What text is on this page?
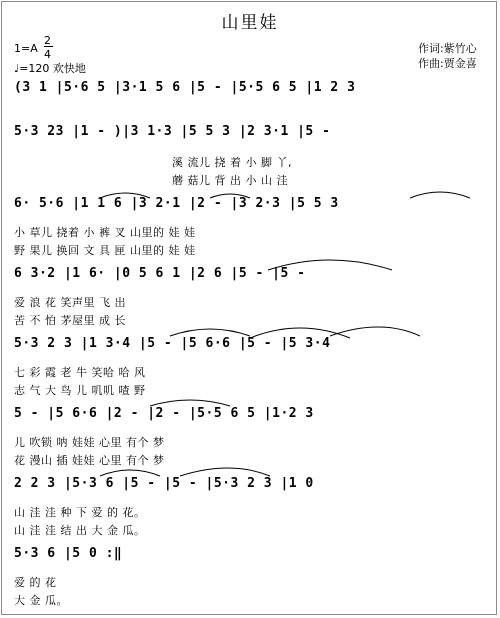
山里娃
1=A
2
4
♩=120 欢快地
作词:紫竹心
作曲:贾金喜
(3 1 |5·6 5 |3·1 5 6 |5 - |5·5 6 5 |1 2 3
5·3 23 |1 - )|3 1·3 |5 5 3 |2 3·1 |5 -
溪 流儿 挠 着 小 脚 丫,
蘑 菇儿 背 出 小 山 洼
6· 5·6 |1 1 6 |3 2·1 |2 - |3 2·3 |5 5 3
小 草儿 挠着 小 裤 叉 山里的 娃 娃
野 果儿 换回 文 具 匣 山里的 娃 娃
6 3·2 |1 6· |0 5 6 1 |2 6 |5 - |5 -
爱 浪 花 笑声里 飞 出
苦 不 怕 茅屋里 成 长
5·3 2 3 |1 3·4 |5 - |5 6·6 |5 - |5 3·4
七 彩 霞 老 牛 笑哈 哈 风
志 气 大 鸟 儿 叽叽 喳 野
5 - |5 6·6 |2 - |2 - |5·5 6 5 |1·2 3
儿 吹锁 呐 娃娃 心里 有个 梦
花 漫山 插 娃娃 心里 有个 梦
2 2 3 |5·3 6 |5 - |5 - |5·3 2 3 |1 0
山 洼 洼 种 下 爱 的 花。
山 洼 洼 结 出 大 金 瓜。
5·3 6 |5 0 :‖
爱 的 花
大 金 瓜。
